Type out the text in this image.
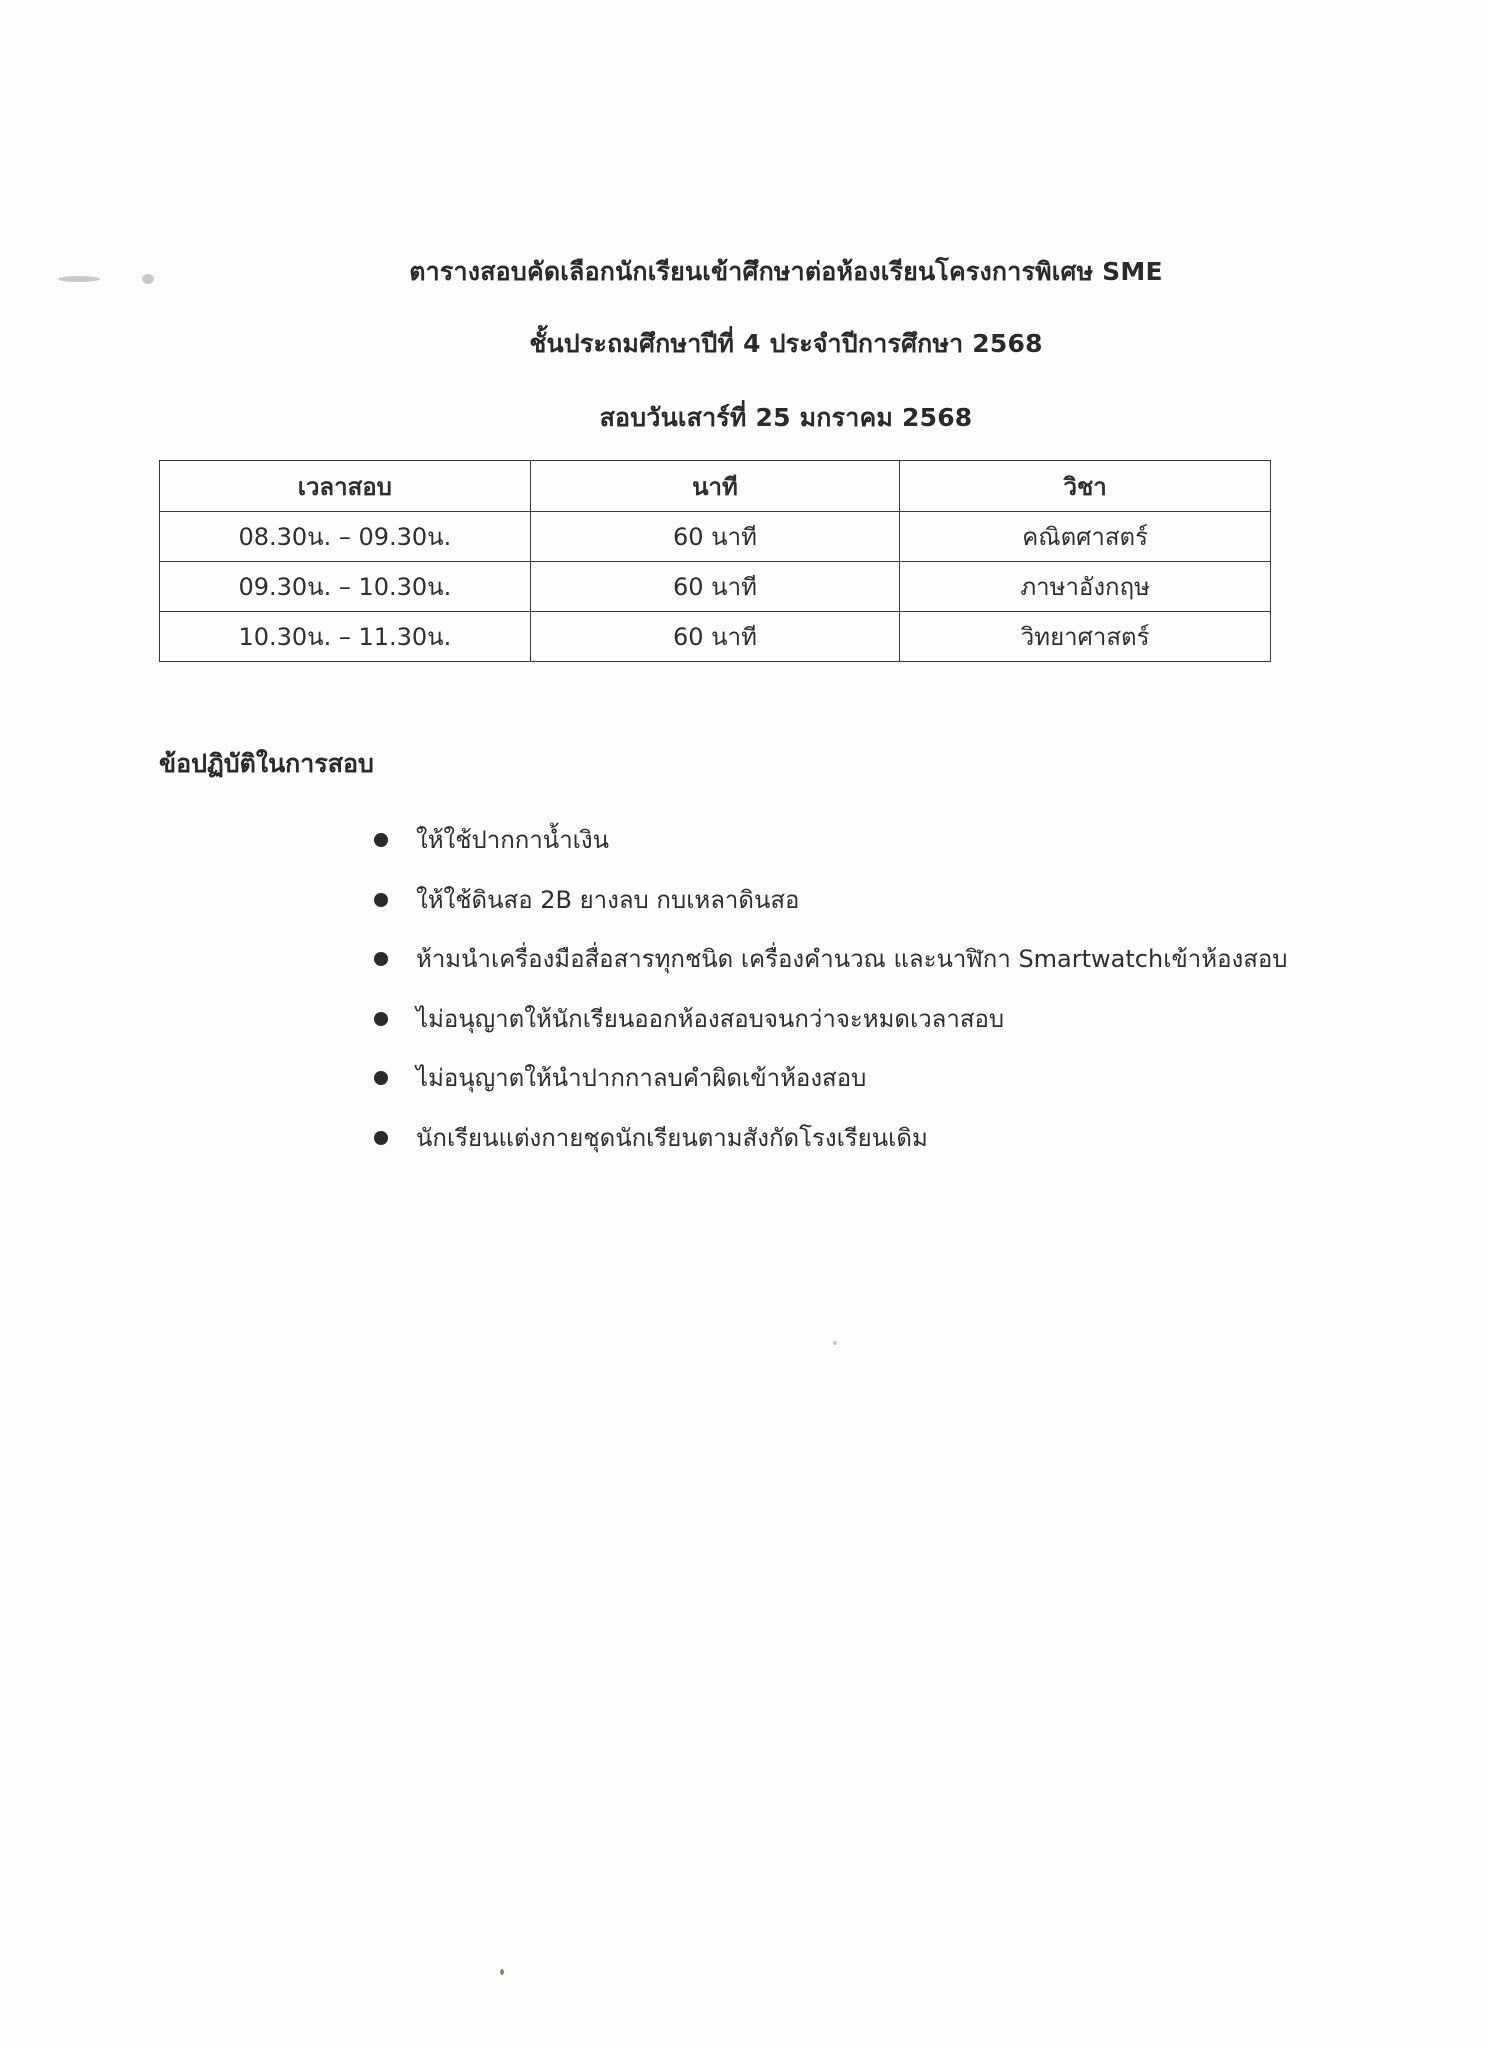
ตารางสอบคัดเลือกนักเรียนเข้าศึกษาต่อห้องเรียนโครงการพิเศษ SME
ชั้นประถมศึกษาปีที่ 4 ประจำปีการศึกษา 2568
สอบวันเสาร์ที่ 25 มกราคม 2568
เวลาสอบ	นาที	วิชา
08.30น. – 09.30น.	60 นาที	คณิตศาสตร์
09.30น. – 10.30น.	60 นาที	ภาษาอังกฤษ
10.30น. – 11.30น.	60 นาที	วิทยาศาสตร์
ข้อปฏิบัติในการสอบ
ให้ใช้ปากกาน้ำเงิน
ให้ใช้ดินสอ 2B ยางลบ กบเหลาดินสอ
ห้ามนำเครื่องมือสื่อสารทุกชนิด เครื่องคำนวณ และนาฬิกา Smartwatchเข้าห้องสอบ
ไม่อนุญาตให้นักเรียนออกห้องสอบจนกว่าจะหมดเวลาสอบ
ไม่อนุญาตให้นำปากกาลบคำผิดเข้าห้องสอบ
นักเรียนแต่งกายชุดนักเรียนตามสังกัดโรงเรียนเดิม
